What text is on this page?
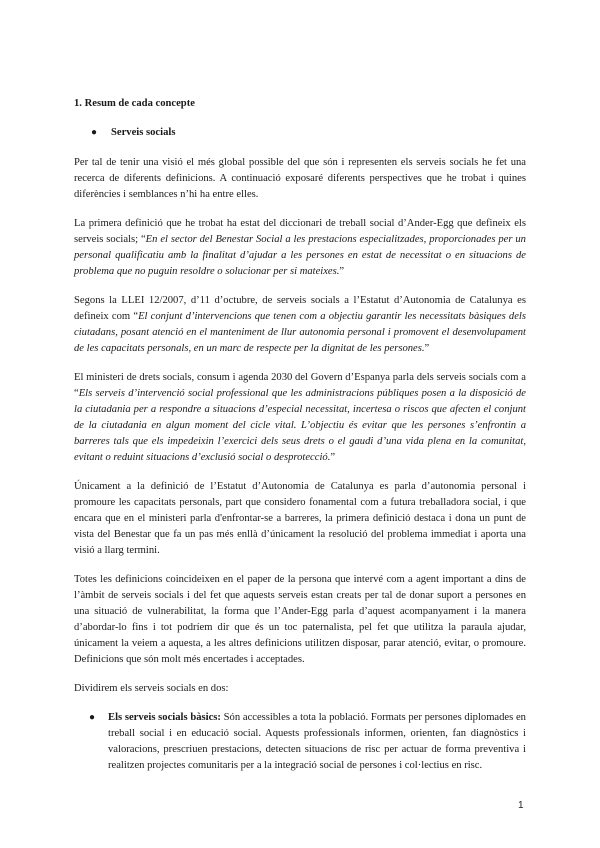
1. Resum de cada concepte

● Serveis socials

Per tal de tenir una visió el més global possible del que són i representen els serveis socials he fet una recerca de diferents definicions. A continuació exposaré diferents perspectives que he trobat i quines diferències i semblances n’hi ha entre elles.

La primera definició que he trobat ha estat del diccionari de treball social d’Ander-Egg que defineix els serveis socials; “En el sector del Benestar Social a les prestacions especialitzades, proporcionades per un personal qualificatiu amb la finalitat d’ajudar a les persones en estat de necessitat o en situacions de problema que no puguin resoldre o solucionar per si mateixes.”

Segons la LLEI 12/2007, d’11 d’octubre, de serveis socials a l’Estatut d’Autonomia de Catalunya es defineix com “El conjunt d’intervencions que tenen com a objectiu garantir les necessitats bàsiques dels ciutadans, posant atenció en el manteniment de llur autonomia personal i promovent el desenvolupament de les capacitats personals, en un marc de respecte per la dignitat de les persones.”

El ministeri de drets socials, consum i agenda 2030 del Govern d’Espanya parla dels serveis socials com a “Els serveis d’intervenció social professional que les administracions públiques posen a la disposició de la ciutadania per a respondre a situacions d’especial necessitat, incertesa o riscos que afecten el conjunt de la ciutadania en algun moment del cicle vital. L’objectiu és evitar que les persones s’enfrontin a barreres tals que els impedeixin l’exercici dels seus drets o el gaudi d’una vida plena en la comunitat, evitant o reduint situacions d’exclusió social o desprotecció.”

Únicament a la definició de l’Estatut d’Autonomia de Catalunya es parla d’autonomia personal i promoure les capacitats personals, part que considero fonamental com a futura treballadora social, i que encara que en el ministeri parla d'enfrontar-se a barreres, la primera definició destaca i dona un punt de vista del Benestar que fa un pas més enllà d’únicament la resolució del problema immediat i aporta una visió a llarg termini.

Totes les definicions coincideixen en el paper de la persona que intervé com a agent important a dins de l’àmbit de serveis socials i del fet que aquests serveis estan creats per tal de donar suport a persones en una situació de vulnerabilitat, la forma que l’Ander-Egg parla d’aquest acompanyament i la manera d’abordar-lo fins i tot podríem dir que és un toc paternalista, pel fet que utilitza la paraula ajudar, únicament la veiem a aquesta, a les altres definicions utilitzen disposar, parar atenció, evitar, o promoure. Definicions que són molt més encertades i acceptades.

Dividirem els serveis socials en dos:

● Els serveis socials bàsics: Són accessibles a tota la població. Formats per persones diplomades en treball social i en educació social. Aquests professionals informen, orienten, fan diagnòstics i valoracions, prescriuen prestacions, detecten situacions de risc per actuar de forma preventiva i realitzen projectes comunitaris per a la integració social de persones i col·lectius en risc.
1
